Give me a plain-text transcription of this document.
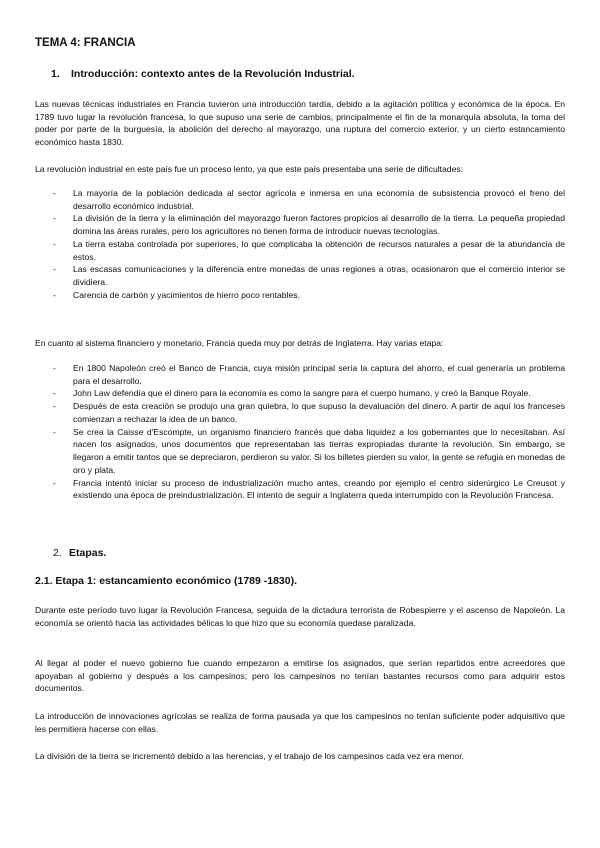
TEMA 4: FRANCIA
1. Introducción: contexto antes de la Revolución Industrial.
Las nuevas técnicas industriales en Francia tuvieron una introducción tardía, debido a la agitación política y económica de la época. En 1789 tuvo lugar la revolución francesa, lo que supuso una serie de cambios, principalmente el fin de la monarquía absoluta, la toma del poder por parte de la burguesía, la abolición del derecho al mayorazgo, una ruptura del comercio exterior, y un cierto estancamiento económico hasta 1830.
La revolución industrial en este país fue un proceso lento, ya que este país presentaba una serie de dificultades:
- La mayoría de la población dedicada al sector agrícola e inmersa en una economía de subsistencia provocó el freno del desarrollo económico industrial.
- La división de la tierra y la eliminación del mayorazgo fueron factores propicios al desarrollo de la tierra. La pequeña propiedad domina las áreas rurales, pero los agricultores no tienen forma de introducir nuevas tecnologías.
- La tierra estaba controlada por superiores, lo que complicaba la obtención de recursos naturales a pesar de la abundancia de estos.
- Las escasas comunicaciones y la diferencia entre monedas de unas regiones a otras, ocasionaron que el comercio interior se dividiera.
- Carencia de carbón y yacimientos de hierro poco rentables.
En cuanto al sistema financiero y monetario, Francia queda muy por detrás de Inglaterra. Hay varias etapa:
- En 1800 Napoleón creó el Banco de Francia, cuya misión principal sería la captura del ahorro, el cual generaría un problema para el desarrollo.
- John Law defendía que el dinero para la economía es como la sangre para el cuerpo humano, y creó la Banque Royale.
- Después de esta creación se produjo una gran quiebra, lo que supuso la devaluación del dinero. A partir de aquí los franceses comienzan a rechazar la idea de un banco.
- Se crea la Caisse d'Escompte, un organismo financiero francés que daba liquidez a los gobernantes que lo necesitaban. Así nacen los asignados, unos documentos que representaban las tierras expropiadas durante la revolución. Sin embargo, se llegaron a emitir tantos que se depreciaron, perdieron su valor. Si los billetes pierden su valor, la gente se refugia en monedas de oro y plata.
- Francia intentó iniciar su proceso de industrialización mucho antes, creando por ejemplo el centro siderúrgico Le Creusot y existiendo una época de preindustrialización. El intento de seguir a Inglaterra queda interrumpido con la Revolución Francesa.
2. Etapas.
2.1. Etapa 1: estancamiento económico (1789 -1830).
Durante este período tuvo lugar la Revolución Francesa, seguida de la dictadura terrorista de Robespierre y el ascenso de Napoleón. La economía se orientó hacia las actividades bélicas lo que hizo que su economía quedase paralizada.
Al llegar al poder el nuevo gobierno fue cuando empezaron a emitirse los asignados, que serían repartidos entre acreedores que apoyaban al gobierno y después a los campesinos; pero los campesinos no tenían bastantes recursos como para adquirir estos documentos.
La introducción de innovaciones agrícolas se realiza de forma pausada ya que los campesinos no tenían suficiente poder adquisitivo que les permitiera hacerse con ellas.
La división de la tierra se incrementó debido a las herencias, y el trabajo de los campesinos cada vez era menor.
